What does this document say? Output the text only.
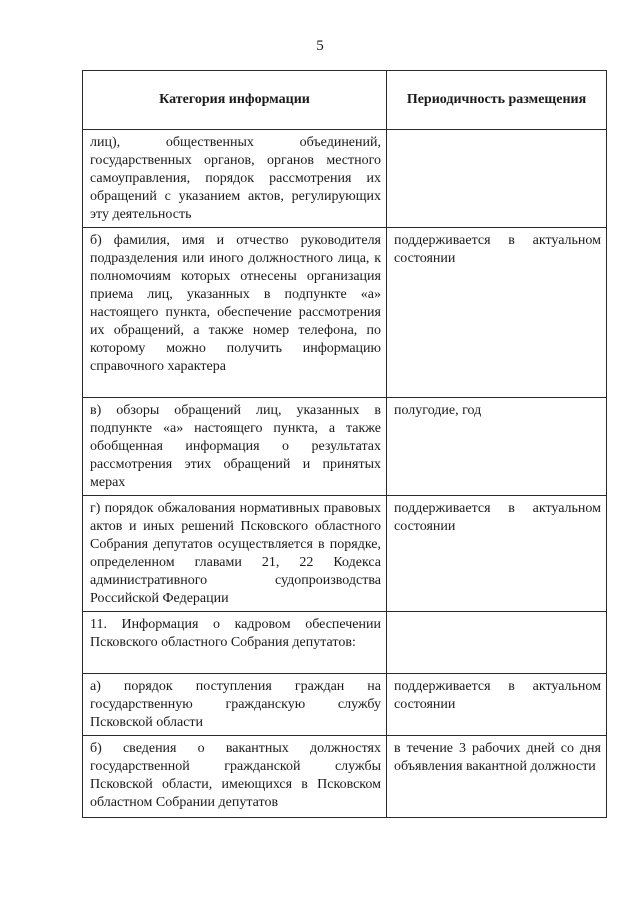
5
Категория информации	Периодичность размещения
лиц), общественных объединений, государственных органов, органов местного самоуправления, порядок рассмотрения их обращений с указанием актов, регулирующих эту деятельность	
б) фамилия, имя и отчество руководителя подразделения или иного должностного лица, к полномочиям которых отнесены организация приема лиц, указанных в подпункте «а» настоящего пункта, обеспечение рассмотрения их обращений, а также номер телефона, по которому можно получить информацию справочного характера	поддерживается в актуальном состоянии
в) обзоры обращений лиц, указанных в подпункте «а» настоящего пункта, а также обобщенная информация о результатах рассмотрения этих обращений и принятых мерах	полугодие, год
г) порядок обжалования нормативных правовых актов и иных решений Псковского областного Собрания депутатов осуществляется в порядке, определенном главами 21, 22 Кодекса административного судопроизводства Российской Федерации	поддерживается в актуальном состоянии
11. Информация о кадровом обеспечении Псковского областного Собрания депутатов:	
а) порядок поступления граждан на государственную гражданскую службу Псковской области	поддерживается в актуальном состоянии
б) сведения о вакантных должностях государственной гражданской службы Псковской области, имеющихся в Псковском областном Собрании депутатов	в течение 3 рабочих дней со дня объявления вакантной должности
